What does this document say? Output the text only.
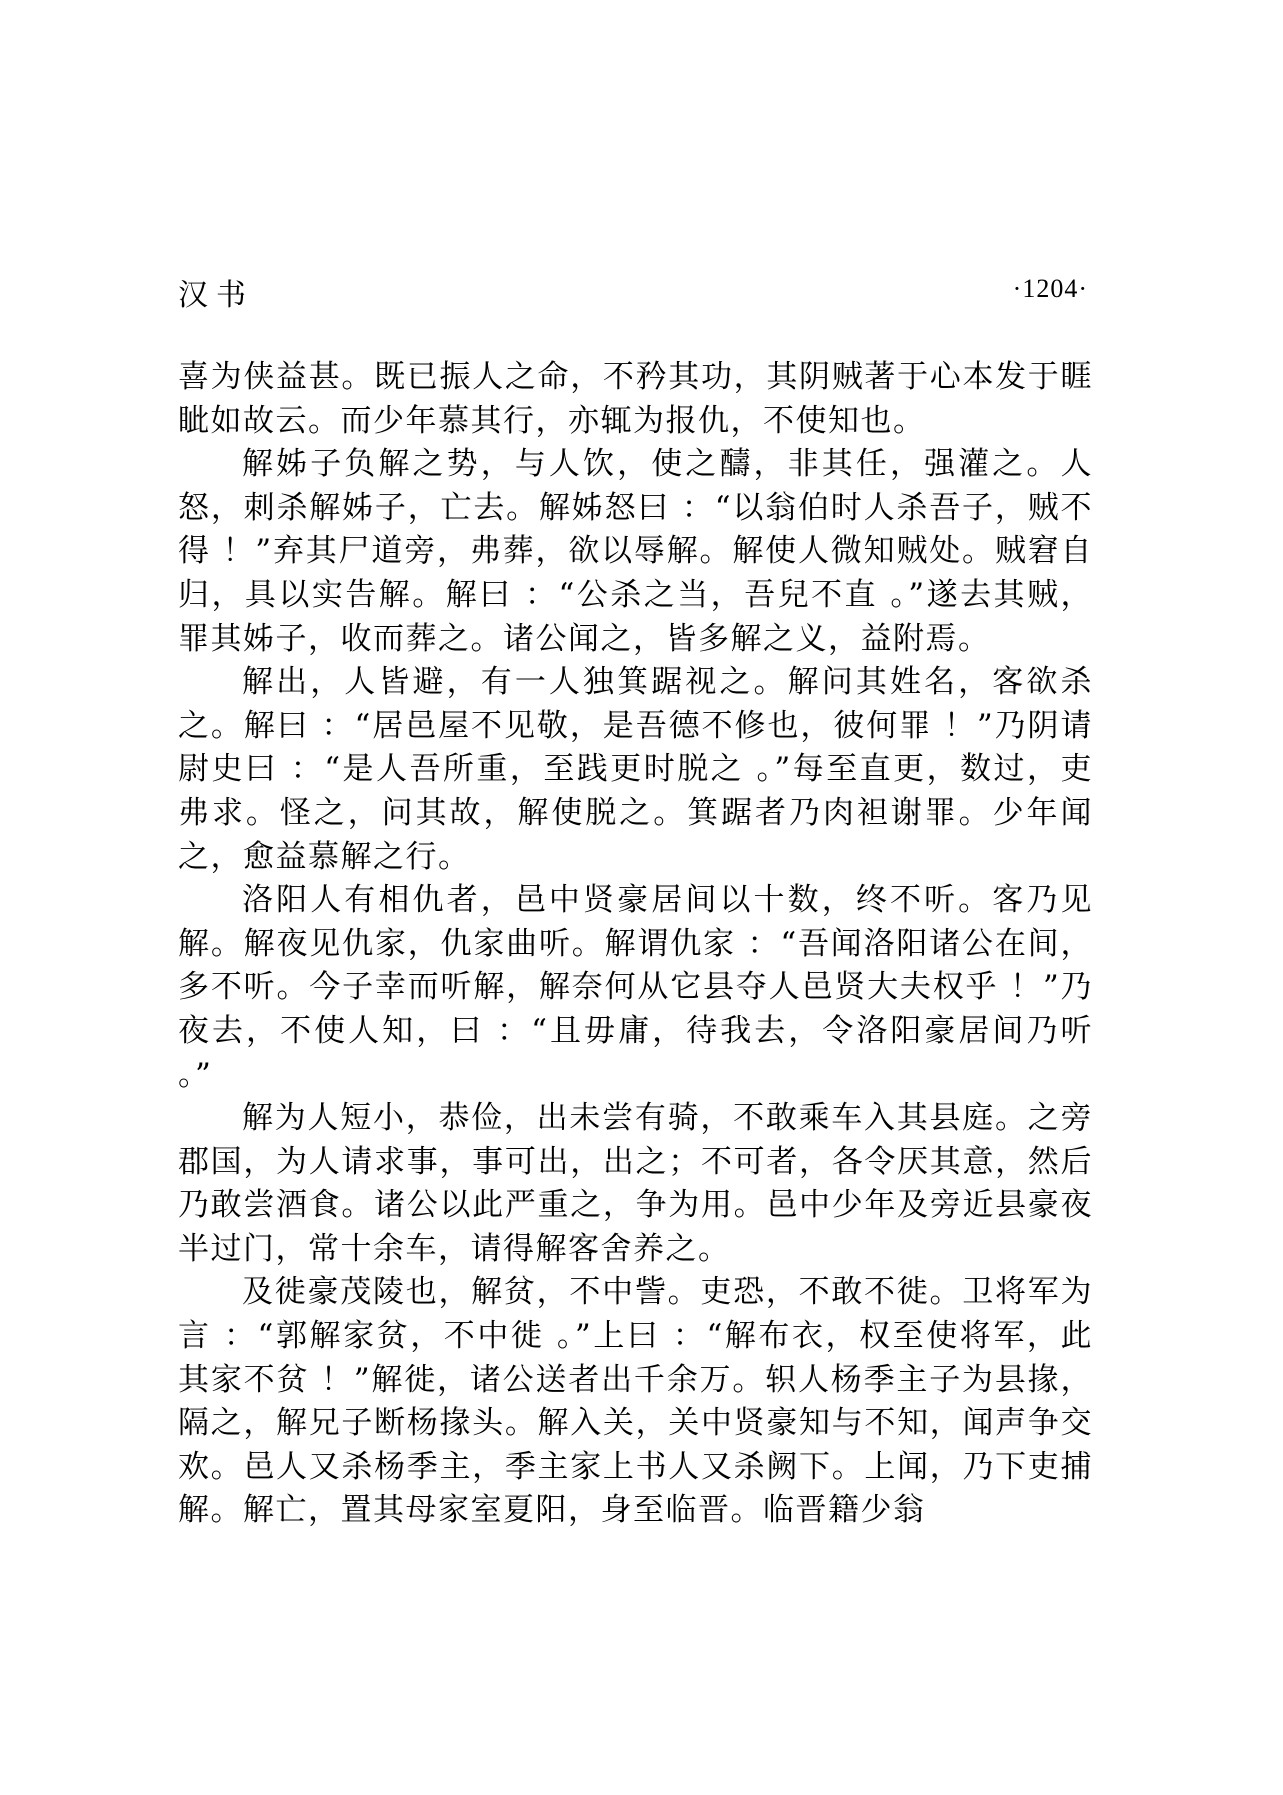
汉书	·1204·

喜为侠益甚。既已振人之命，不矜其功，其阴贼著于心本发于睚眦如故云。而少年慕其行，亦辄为报仇，不使知也。

解姊子负解之势，与人饮，使之醻，非其任，强灌之。人怒，刺杀解姊子，亡去。解姊怒曰 ：“以翁伯时人杀吾子，贼不得 ！”弃其尸道旁，弗葬，欲以辱解。解使人微知贼处。贼窘自归，具以实告解。解曰 ：“公杀之当，吾兒不直 。”遂去其贼，罪其姊子，收而葬之。诸公闻之，皆多解之义，益附焉。

解出，人皆避，有一人独箕踞视之。解问其姓名，客欲杀之。解曰 ：“居邑屋不见敬，是吾德不修也，彼何罪 ！”乃阴请尉史曰 ：“是人吾所重，至践更时脱之 。”每至直更，数过，吏弗求。怪之，问其故，解使脱之。箕踞者乃肉袒谢罪。少年闻之，愈益慕解之行。

洛阳人有相仇者，邑中贤豪居间以十数，终不听。客乃见解。解夜见仇家，仇家曲听。解谓仇家 ：“吾闻洛阳诸公在间，多不听。今子幸而听解，解奈何从它县夺人邑贤大夫权乎 ！”乃夜去，不使人知，曰 ：“且毋庸，待我去，令洛阳豪居间乃听 。”

解为人短小，恭俭，出未尝有骑，不敢乘车入其县庭。之旁郡国，为人请求事，事可出，出之；不可者，各令厌其意，然后乃敢尝酒食。诸公以此严重之，争为用。邑中少年及旁近县豪夜半过门，常十余车，请得解客舍养之。

及徙豪茂陵也，解贫，不中訾。吏恐，不敢不徙。卫将军为言 ：“郭解家贫，不中徙 。”上曰 ：“解布衣，权至使将军，此其家不贫 ！”解徙，诸公送者出千余万。轵人杨季主子为县掾，隔之，解兄子断杨掾头。解入关，关中贤豪知与不知，闻声争交欢。邑人又杀杨季主，季主家上书人又杀阙下。上闻，乃下吏捕解。解亡，置其母家室夏阳，身至临晋。临晋籍少翁
